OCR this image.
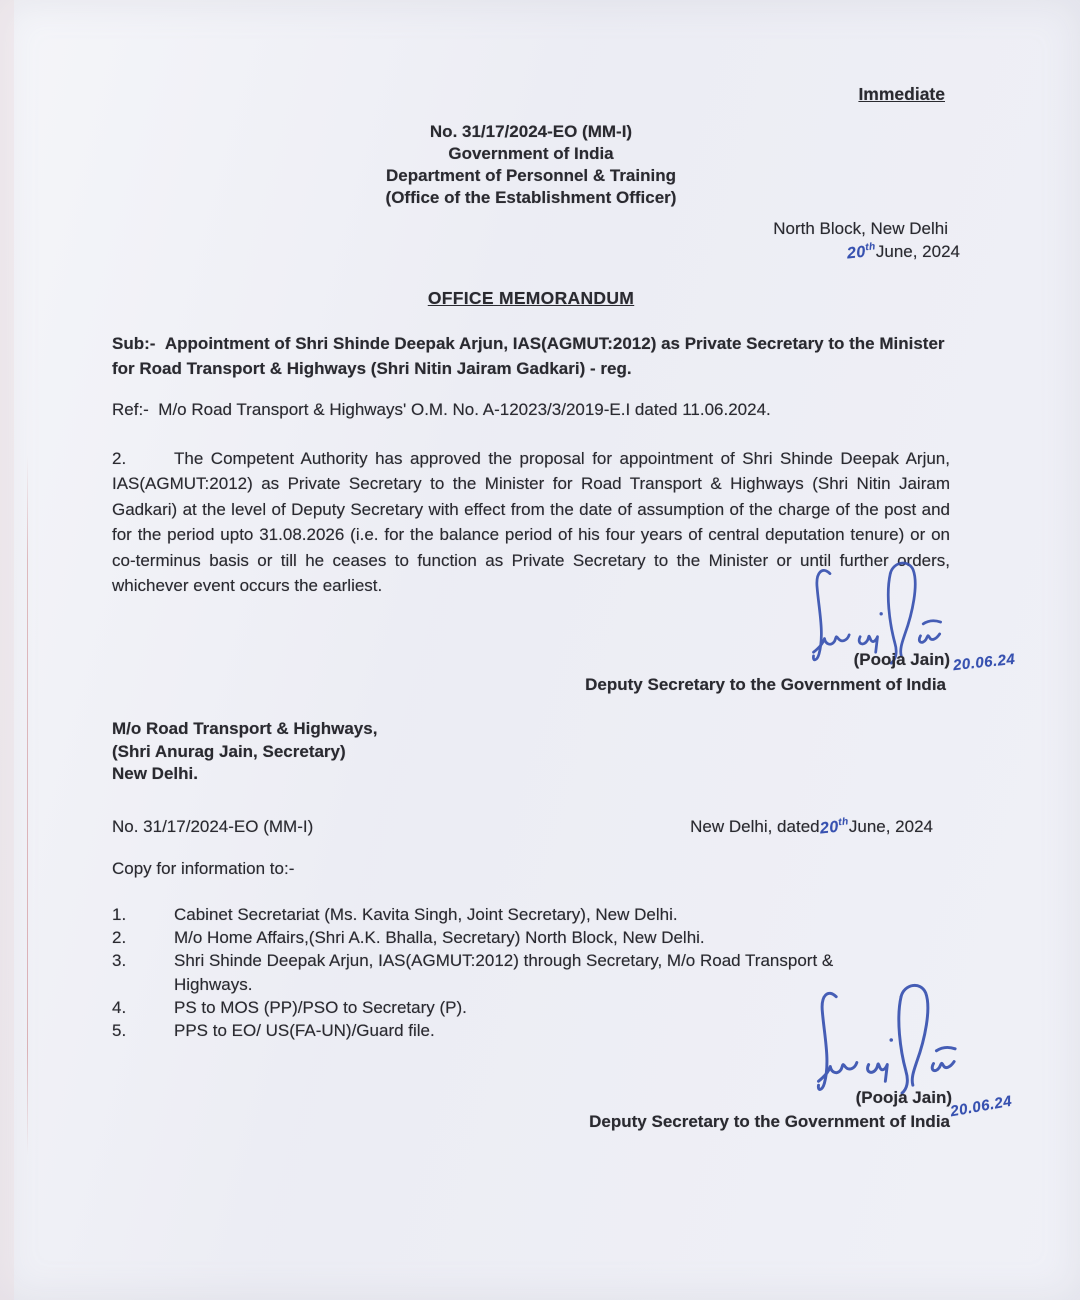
Immediate
No. 31/17/2024-EO (MM-I)
Government of India
Department of Personnel & Training
(Office of the Establishment Officer)
North Block, New Delhi
20thJune, 2024
OFFICE MEMORANDUM
Sub:- Appointment of Shri Shinde Deepak Arjun, IAS(AGMUT:2012) as Private Secretary to the Minister for Road Transport & Highways (Shri Nitin Jairam Gadkari) - reg.
Ref:- M/o Road Transport & Highways' O.M. No. A-12023/3/2019-E.I dated 11.06.2024.
2.	The Competent Authority has approved the proposal for appointment of Shri Shinde Deepak Arjun, IAS(AGMUT:2012) as Private Secretary to the Minister for Road Transport & Highways (Shri Nitin Jairam Gadkari) at the level of Deputy Secretary with effect from the date of assumption of the charge of the post and for the period upto 31.08.2026 (i.e. for the balance period of his four years of central deputation tenure) or on co-terminus basis or till he ceases to function as Private Secretary to the Minister or until further orders, whichever event occurs the earliest.
(Pooja Jain) 20.06.24
Deputy Secretary to the Government of India
M/o Road Transport & Highways,
(Shri Anurag Jain, Secretary)
New Delhi.
No. 31/17/2024-EO (MM-I)	New Delhi, dated20thJune, 2024
Copy for information to:-
1.	Cabinet Secretariat (Ms. Kavita Singh, Joint Secretary), New Delhi.
2.	M/o Home Affairs,(Shri A.K. Bhalla, Secretary) North Block, New Delhi.
3.	Shri Shinde Deepak Arjun, IAS(AGMUT:2012) through Secretary, M/o Road Transport & Highways.
4.	PS to MOS (PP)/PSO to Secretary (P).
5.	PPS to EO/ US(FA-UN)/Guard file.
(Pooja Jain)
20.06.24
Deputy Secretary to the Government of India
